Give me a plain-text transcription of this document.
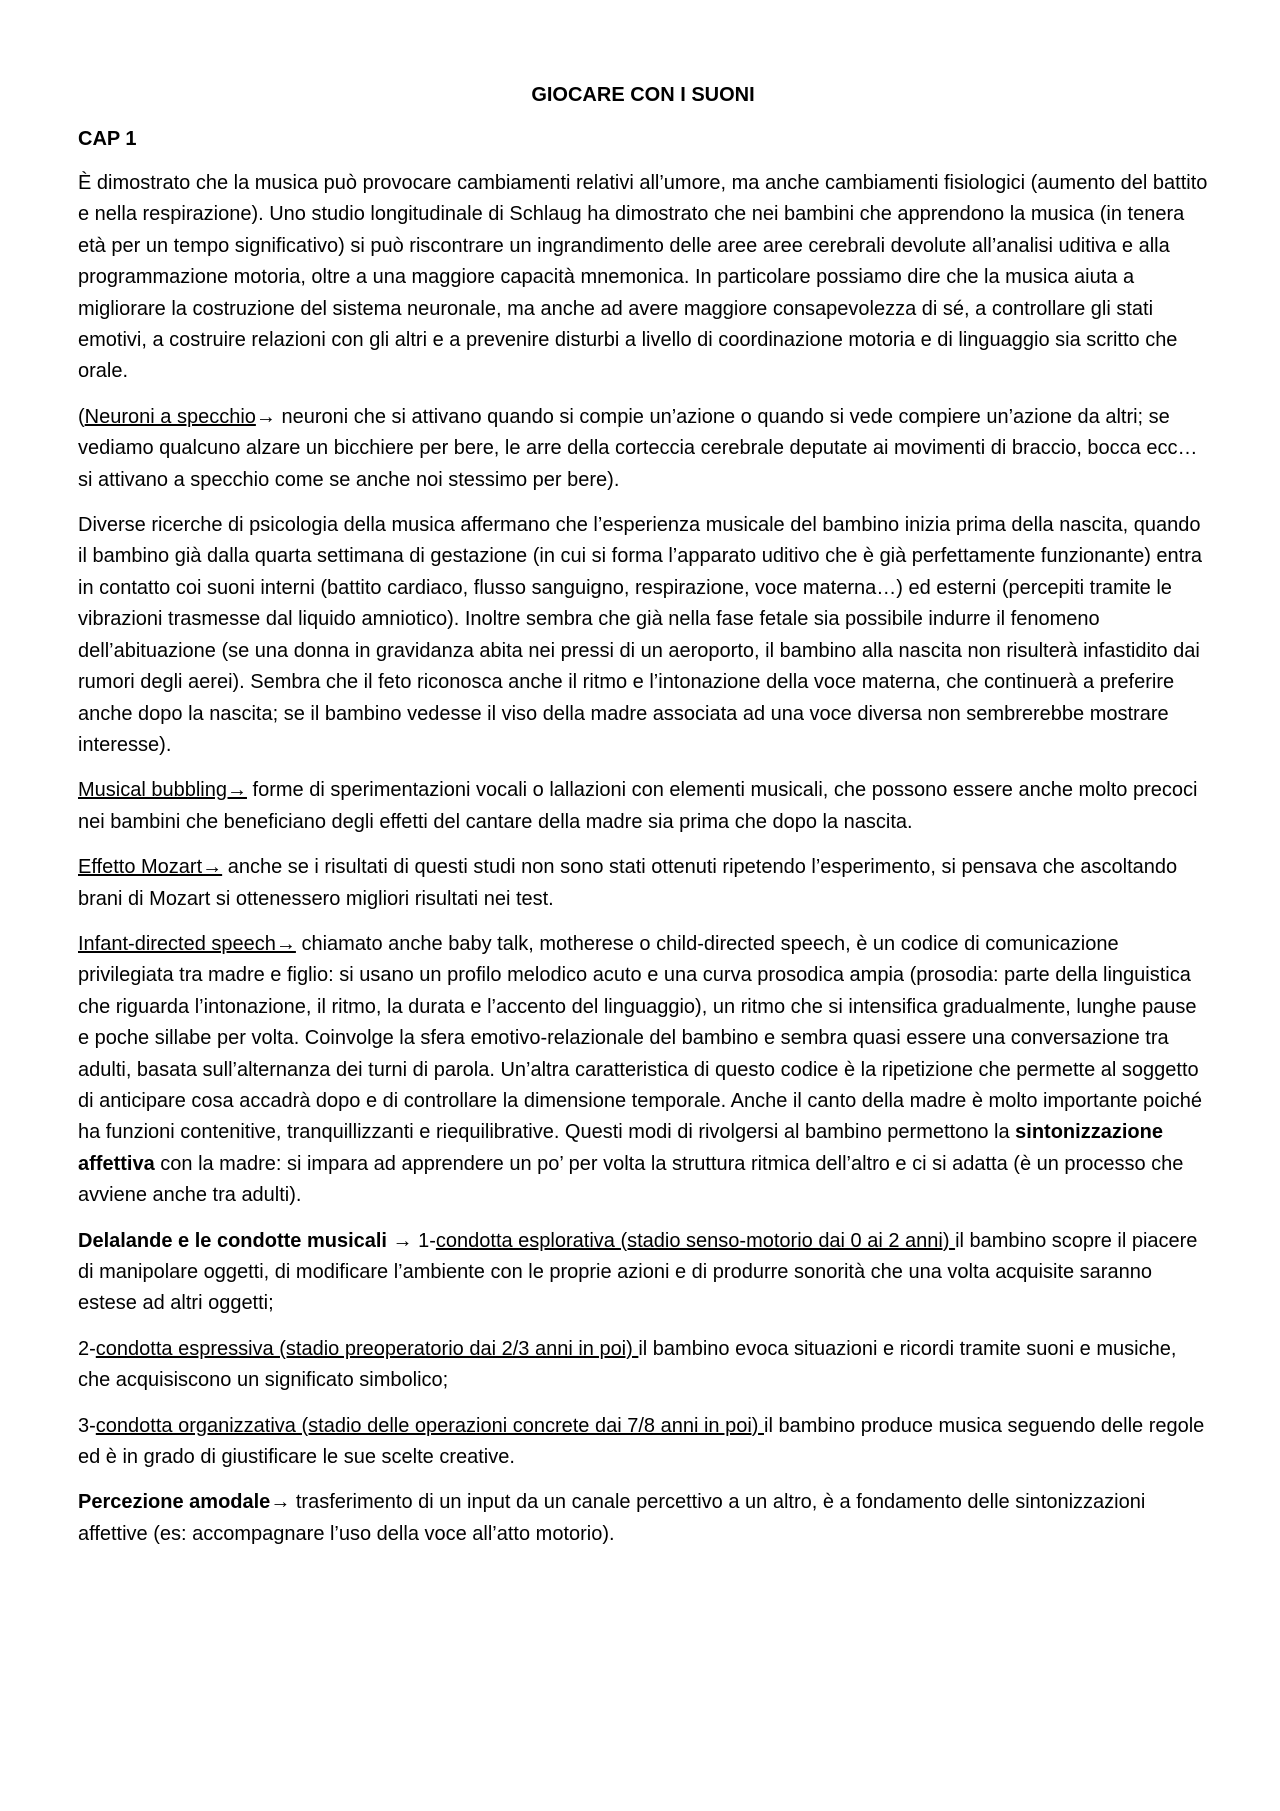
GIOCARE CON I SUONI
CAP 1

È dimostrato che la musica può provocare cambiamenti relativi all’umore, ma anche cambiamenti fisiologici (aumento del battito e nella respirazione). Uno studio longitudinale di Schlaug ha dimostrato che nei bambini che apprendono la musica (in tenera età per un tempo significativo) si può riscontrare un ingrandimento delle aree aree cerebrali devolute all’analisi uditiva e alla programmazione motoria, oltre a una maggiore capacità mnemonica. In particolare possiamo dire che la musica aiuta a migliorare la costruzione del sistema neuronale, ma anche ad avere maggiore consapevolezza di sé, a controllare gli stati emotivi, a costruire relazioni con gli altri e a prevenire disturbi a livello di coordinazione motoria e di linguaggio sia scritto che orale.

(Neuroni a specchio→ neuroni che si attivano quando si compie un’azione o quando si vede compiere un’azione da altri; se vediamo qualcuno alzare un bicchiere per bere, le arre della corteccia cerebrale deputate ai movimenti di braccio, bocca ecc… si attivano a specchio come se anche noi stessimo per bere).

Diverse ricerche di psicologia della musica affermano che l’esperienza musicale del bambino inizia prima della nascita, quando il bambino già dalla quarta settimana di gestazione (in cui si forma l’apparato uditivo che è già perfettamente funzionante) entra in contatto coi suoni interni (battito cardiaco, flusso sanguigno, respirazione, voce materna…) ed esterni (percepiti tramite le vibrazioni trasmesse dal liquido amniotico). Inoltre sembra che già nella fase fetale sia possibile indurre il fenomeno dell’abituazione (se una donna in gravidanza abita nei pressi di un aeroporto, il bambino alla nascita non risulterà infastidito dai rumori degli aerei). Sembra che il feto riconosca anche il ritmo e l’intonazione della voce materna, che continuerà a preferire anche dopo la nascita; se il bambino vedesse il viso della madre associata ad una voce diversa non sembrerebbe mostrare interesse).

Musical bubbling→ forme di sperimentazioni vocali o lallazioni con elementi musicali, che possono essere anche molto precoci nei bambini che beneficiano degli effetti del cantare della madre sia prima che dopo la nascita.

Effetto Mozart→ anche se i risultati di questi studi non sono stati ottenuti ripetendo l’esperimento, si pensava che ascoltando brani di Mozart si ottenessero migliori risultati nei test.

Infant-directed speech→ chiamato anche baby talk, motherese o child-directed speech, è un codice di comunicazione privilegiata tra madre e figlio: si usano un profilo melodico acuto e una curva prosodica ampia (prosodia: parte della linguistica che riguarda l’intonazione, il ritmo, la durata e l’accento del linguaggio), un ritmo che si intensifica gradualmente, lunghe pause e poche sillabe per volta. Coinvolge la sfera emotivo-relazionale del bambino e sembra quasi essere una conversazione tra adulti, basata sull’alternanza dei turni di parola. Un’altra caratteristica di questo codice è la ripetizione che permette al soggetto di anticipare cosa accadrà dopo e di controllare la dimensione temporale. Anche il canto della madre è molto importante poiché ha funzioni contenitive, tranquillizzanti e riequilibrative. Questi modi di rivolgersi al bambino permettono la sintonizzazione affettiva con la madre: si impara ad apprendere un po’ per volta la struttura ritmica dell’altro e ci si adatta (è un processo che avviene anche tra adulti).

Delalande e le condotte musicali → 1-condotta esplorativa (stadio senso-motorio dai 0 ai 2 anni) il bambino scopre il piacere di manipolare oggetti, di modificare l’ambiente con le proprie azioni e di produrre sonorità che una volta acquisite saranno estese ad altri oggetti;

2-condotta espressiva (stadio preoperatorio dai 2/3 anni in poi) il bambino evoca situazioni e ricordi tramite suoni e musiche, che acquisiscono un significato simbolico;

3-condotta organizzativa (stadio delle operazioni concrete dai 7/8 anni in poi) il bambino produce musica seguendo delle regole ed è in grado di giustificare le sue scelte creative.

Percezione amodale→ trasferimento di un input da un canale percettivo a un altro, è a fondamento delle sintonizzazioni affettive (es: accompagnare l’uso della voce all’atto motorio).
